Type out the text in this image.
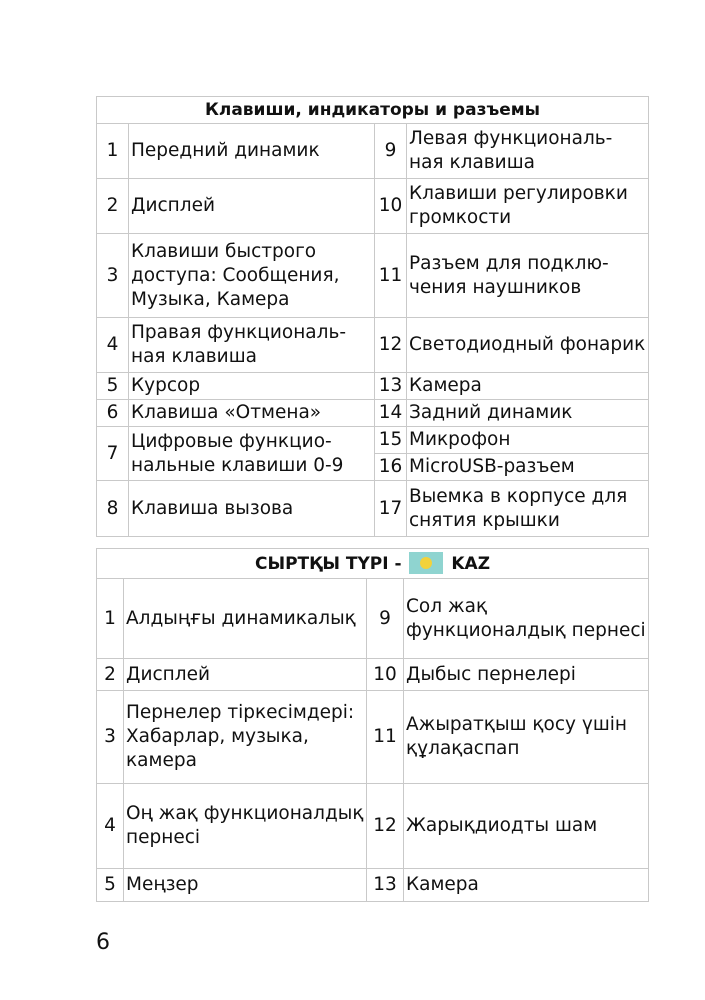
Клавиши, индикаторы и разъемы			
1	Передний динамик	9	Левая функциональ-ная клавиша
2	Дисплей	10	Клавиши регулировки громкости
3	Клавиши быстрого доступа: Сообщения, Музыка, Камера	11	Разъем для подклю-чения наушников
4	Правая функциональ-ная клавиша	12	Светодиодный фонарик
5	Курсор	13	Камера
6	Клавиша «Отмена»	14	Задний динамик
7	Цифровые функцио-нальные клавиши 0-9	15	Микрофон
		16	MicroUSB-разъем
8	Клавиша вызова	17	Выемка в корпусе для снятия крышки
СЫРТҚЫ ТҮРІ - KAZ			
1	Алдыңғы динамикалық	9	Сол жақ функционалдық пернесі
2	Дисплей	10	Дыбыс пернелері
3	Пернелер тіркесімдері: Хабарлар, музыка, камера	11	Ажыратқыш қосу үшін құлақаспап
4	Оң жақ функционалдық пернесі	12	Жарықдиодты шам
5	Меңзер	13	Камера
6
